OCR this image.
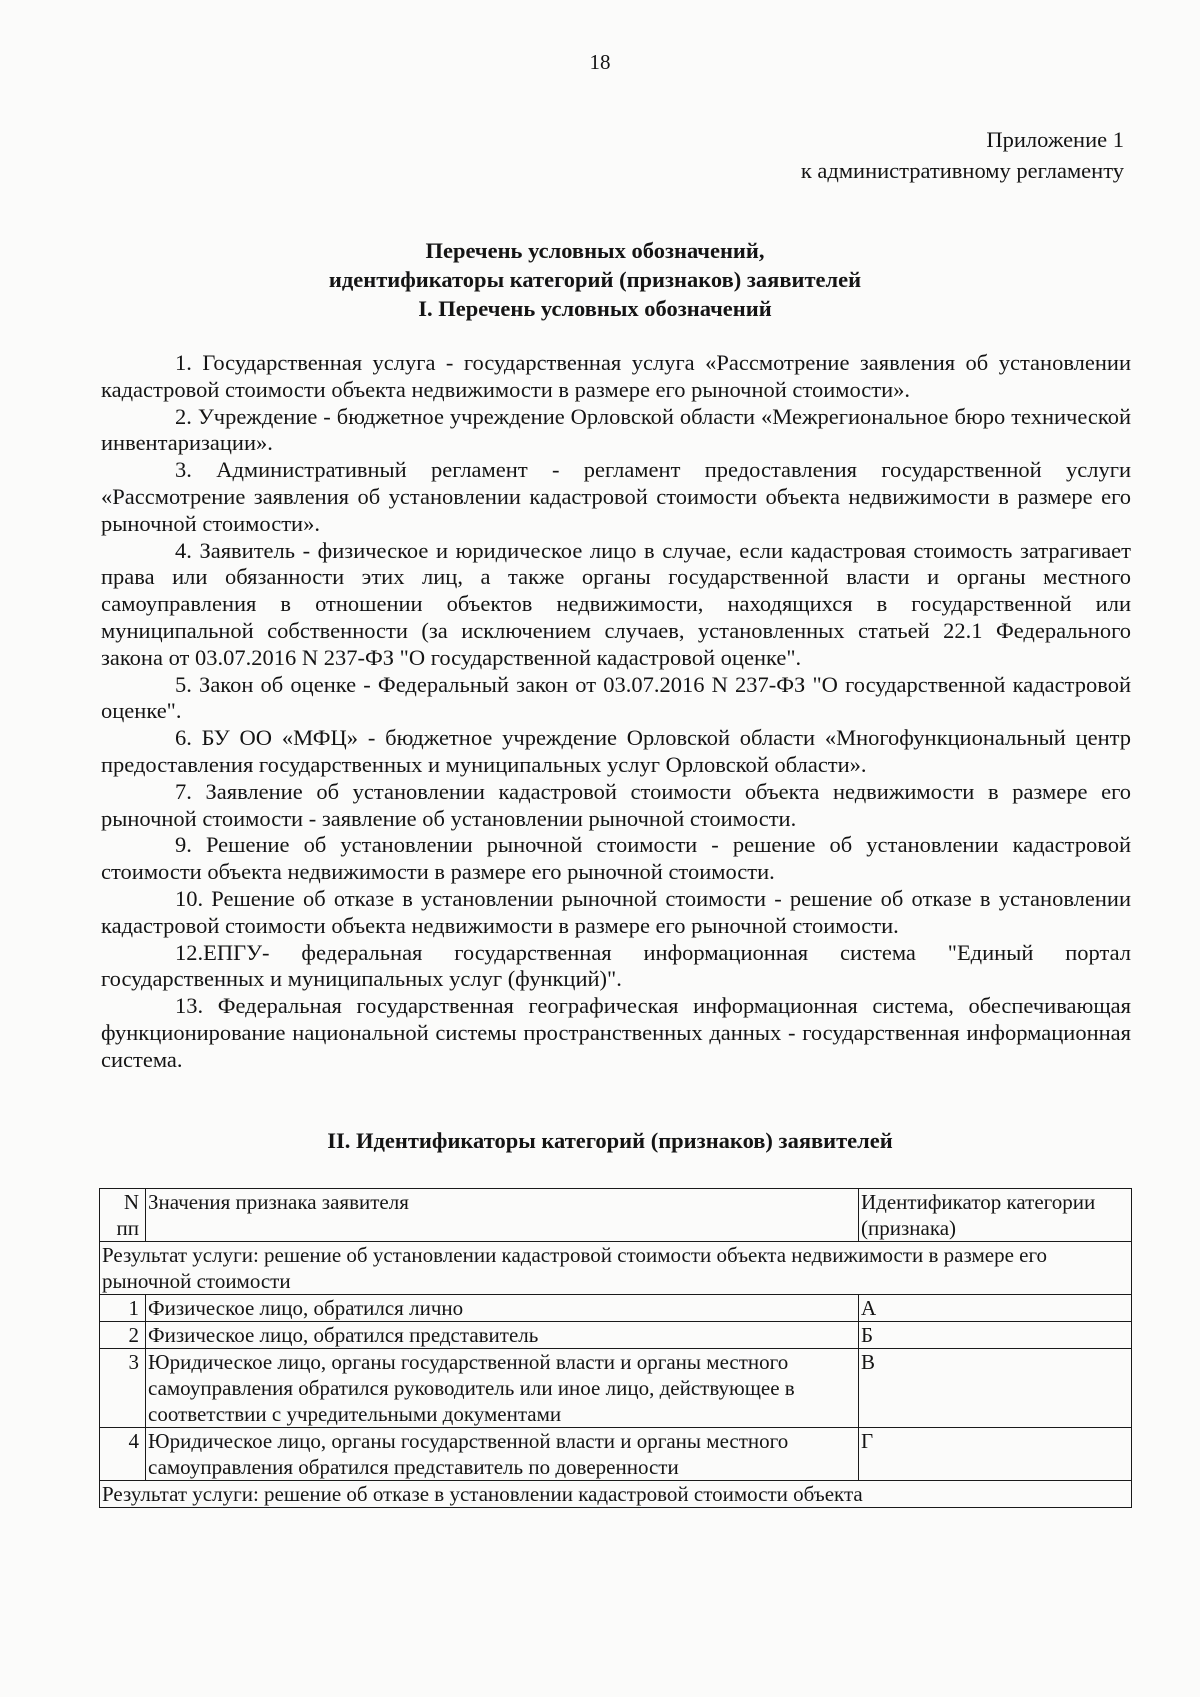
18
Приложение 1
к административному регламенту
Перечень условных обозначений,
идентификаторы категорий (признаков) заявителей
I. Перечень условных обозначений

1. Государственная услуга - государственная услуга «Рассмотрение заявления об установлении кадастровой стоимости объекта недвижимости в размере его рыночной стоимости».

2. Учреждение - бюджетное учреждение Орловской области «Межрегиональное бюро технической инвентаризации».

3. Административный регламент - регламент предоставления государственной услуги «Рассмотрение заявления об установлении кадастровой стоимости объекта недвижимости в размере его рыночной стоимости».

4. Заявитель - физическое и юридическое лицо в случае, если кадастровая стоимость затрагивает права или обязанности этих лиц, а также органы государственной власти и органы местного самоуправления в отношении объектов недвижимости, находящихся в государственной или муниципальной собственности (за исключением случаев, установленных статьей 22.1 Федерального закона от 03.07.2016 N 237-ФЗ "О государственной кадастровой оценке".

5. Закон об оценке - Федеральный закон от 03.07.2016 N 237-ФЗ "О государственной кадастровой оценке".

6. БУ ОО «МФЦ» - бюджетное учреждение Орловской области «Многофункциональный центр предоставления государственных и муниципальных услуг Орловской области».

7. Заявление об установлении кадастровой стоимости объекта недвижимости в размере его рыночной стоимости - заявление об установлении рыночной стоимости.

9. Решение об установлении рыночной стоимости - решение об установлении кадастровой стоимости объекта недвижимости в размере его рыночной стоимости.

10. Решение об отказе в установлении рыночной стоимости - решение об отказе в установлении кадастровой стоимости объекта недвижимости в размере его рыночной стоимости.

12.ЕПГУ- федеральная государственная информационная система "Единый портал государственных и муниципальных услуг (функций)".

13. Федеральная государственная географическая информационная система, обеспечивающая функционирование национальной системы пространственных данных - государственная информационная система.

II. Идентификаторы категорий (признаков) заявителей
N пп	Значения признака заявителя	Идентификатор категории (признака)
Результат услуги: решение об установлении кадастровой стоимости объекта недвижимости в размере его рыночной стоимости		
1	Физическое лицо, обратился лично	А
2	Физическое лицо, обратился представитель	Б
3	Юридическое лицо, органы государственной власти и органы местного самоуправления обратился руководитель или иное лицо, действующее в соответствии с учредительными документами	В
4	Юридическое лицо, органы государственной власти и органы местного самоуправления обратился представитель по доверенности	Г
Результат услуги: решение об отказе в установлении кадастровой стоимости объекта		
